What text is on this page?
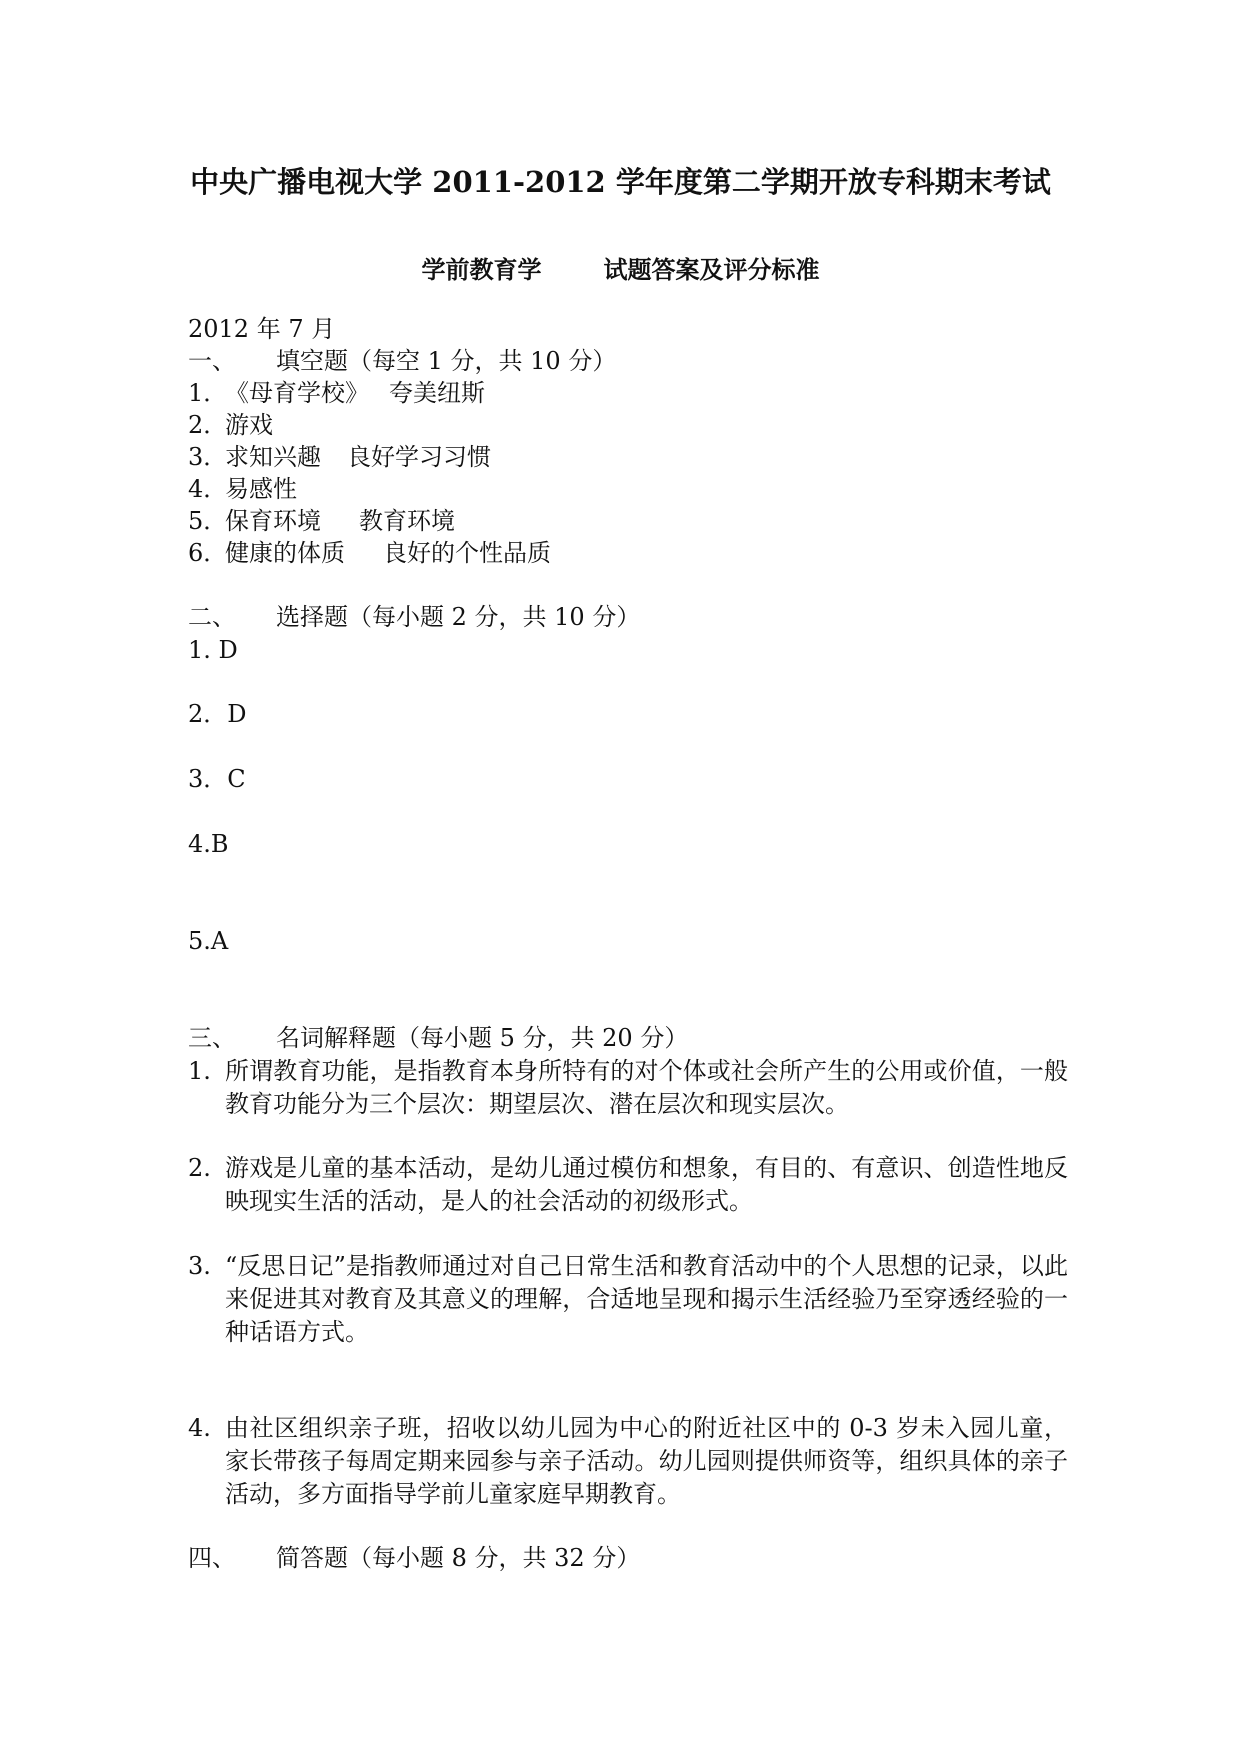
中央广播电视大学 2011-2012 学年度第二学期开放专科期末考试
学前教育学	试题答案及评分标准
2012 年 7 月
一、 填空题（每空 1 分，共 10 分）
1．《母育学校》 夸美纽斯
2．游戏
3．求知兴趣 良好学习习惯
4．易感性
5．保育环境 教育环境
6．健康的体质 良好的个性品质
二、 选择题（每小题 2 分，共 10 分）
1. D
2．D
3．C
4.B
5.A
三、 名词解释题（每小题 5 分，共 20 分）
1. 所谓教育功能，是指教育本身所特有的对个体或社会所产生的公用或价值，一般教育功能分为三个层次：期望层次、潜在层次和现实层次。
2. 游戏是儿童的基本活动，是幼儿通过模仿和想象，有目的、有意识、创造性地反映现实生活的活动，是人的社会活动的初级形式。
3. “反思日记”是指教师通过对自己日常生活和教育活动中的个人思想的记录，以此来促进其对教育及其意义的理解，合适地呈现和揭示生活经验乃至穿透经验的一种话语方式。
4. 由社区组织亲子班，招收以幼儿园为中心的附近社区中的 0-3 岁未入园儿童，家长带孩子每周定期来园参与亲子活动。幼儿园则提供师资等，组织具体的亲子活动，多方面指导学前儿童家庭早期教育。
四、 简答题（每小题 8 分，共 32 分）
